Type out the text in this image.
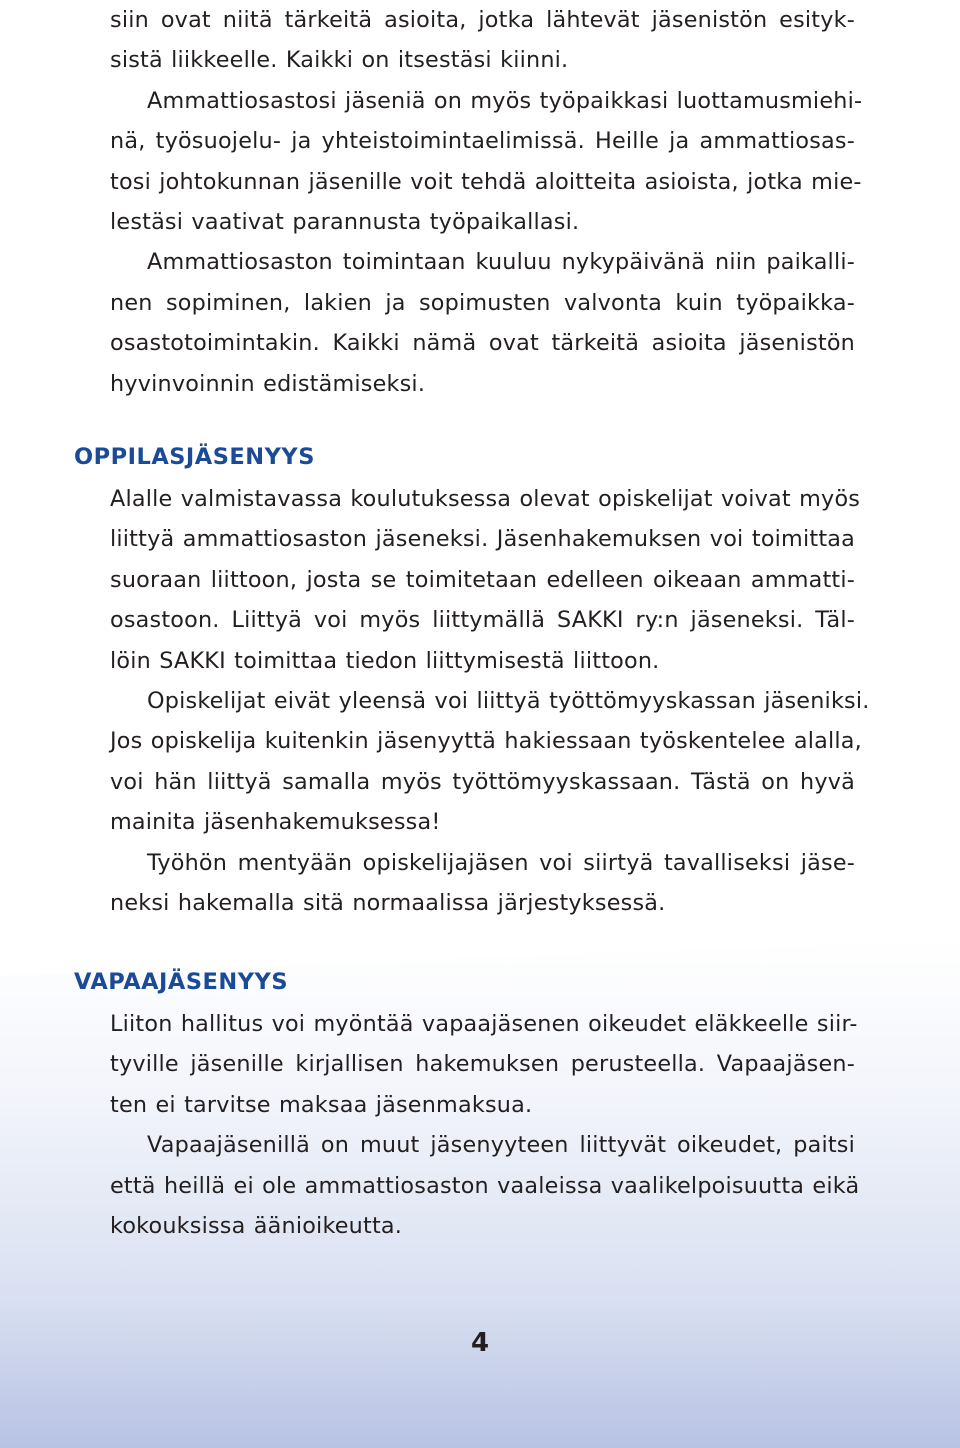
siin ovat niitä tärkeitä asioita, jotka lähtevät jäsenistön esityk-
sistä liikkeelle. Kaikki on itsestäsi kiinni.
Ammattiosastosi jäseniä on myös työpaikkasi luottamusmiehi-
nä, työsuojelu- ja yhteistoimintaelimissä. Heille ja ammattiosas-
tosi johtokunnan jäsenille voit tehdä aloitteita asioista, jotka mie-
lestäsi vaativat parannusta työpaikallasi.
Ammattiosaston toimintaan kuuluu nykypäivänä niin paikalli-
nen sopiminen, lakien ja sopimusten valvonta kuin työpaikka-
osastotoimintakin. Kaikki nämä ovat tärkeitä asioita jäsenistön
hyvinvoinnin edistämiseksi.
OPPILASJÄSENYYS
Alalle valmistavassa koulutuksessa olevat opiskelijat voivat myös
liittyä ammattiosaston jäseneksi. Jäsenhakemuksen voi toimittaa
suoraan liittoon, josta se toimitetaan edelleen oikeaan ammatti-
osastoon. Liittyä voi myös liittymällä SAKKI ry:n jäseneksi. Täl-
löin SAKKI toimittaa tiedon liittymisestä liittoon.
Opiskelijat eivät yleensä voi liittyä työttömyyskassan jäseniksi.
Jos opiskelija kuitenkin jäsenyyttä hakiessaan työskentelee alalla,
voi hän liittyä samalla myös työttömyyskassaan. Tästä on hyvä
mainita jäsenhakemuksessa!
Työhön mentyään opiskelijajäsen voi siirtyä tavalliseksi jäse-
neksi hakemalla sitä normaalissa järjestyksessä.
VAPAAJÄSENYYS
Liiton hallitus voi myöntää vapaajäsenen oikeudet eläkkeelle siir-
tyville jäsenille kirjallisen hakemuksen perusteella. Vapaajäsen-
ten ei tarvitse maksaa jäsenmaksua.
Vapaajäsenillä on muut jäsenyyteen liittyvät oikeudet, paitsi
että heillä ei ole ammattiosaston vaaleissa vaalikelpoisuutta eikä
kokouksissa äänioikeutta.
4
